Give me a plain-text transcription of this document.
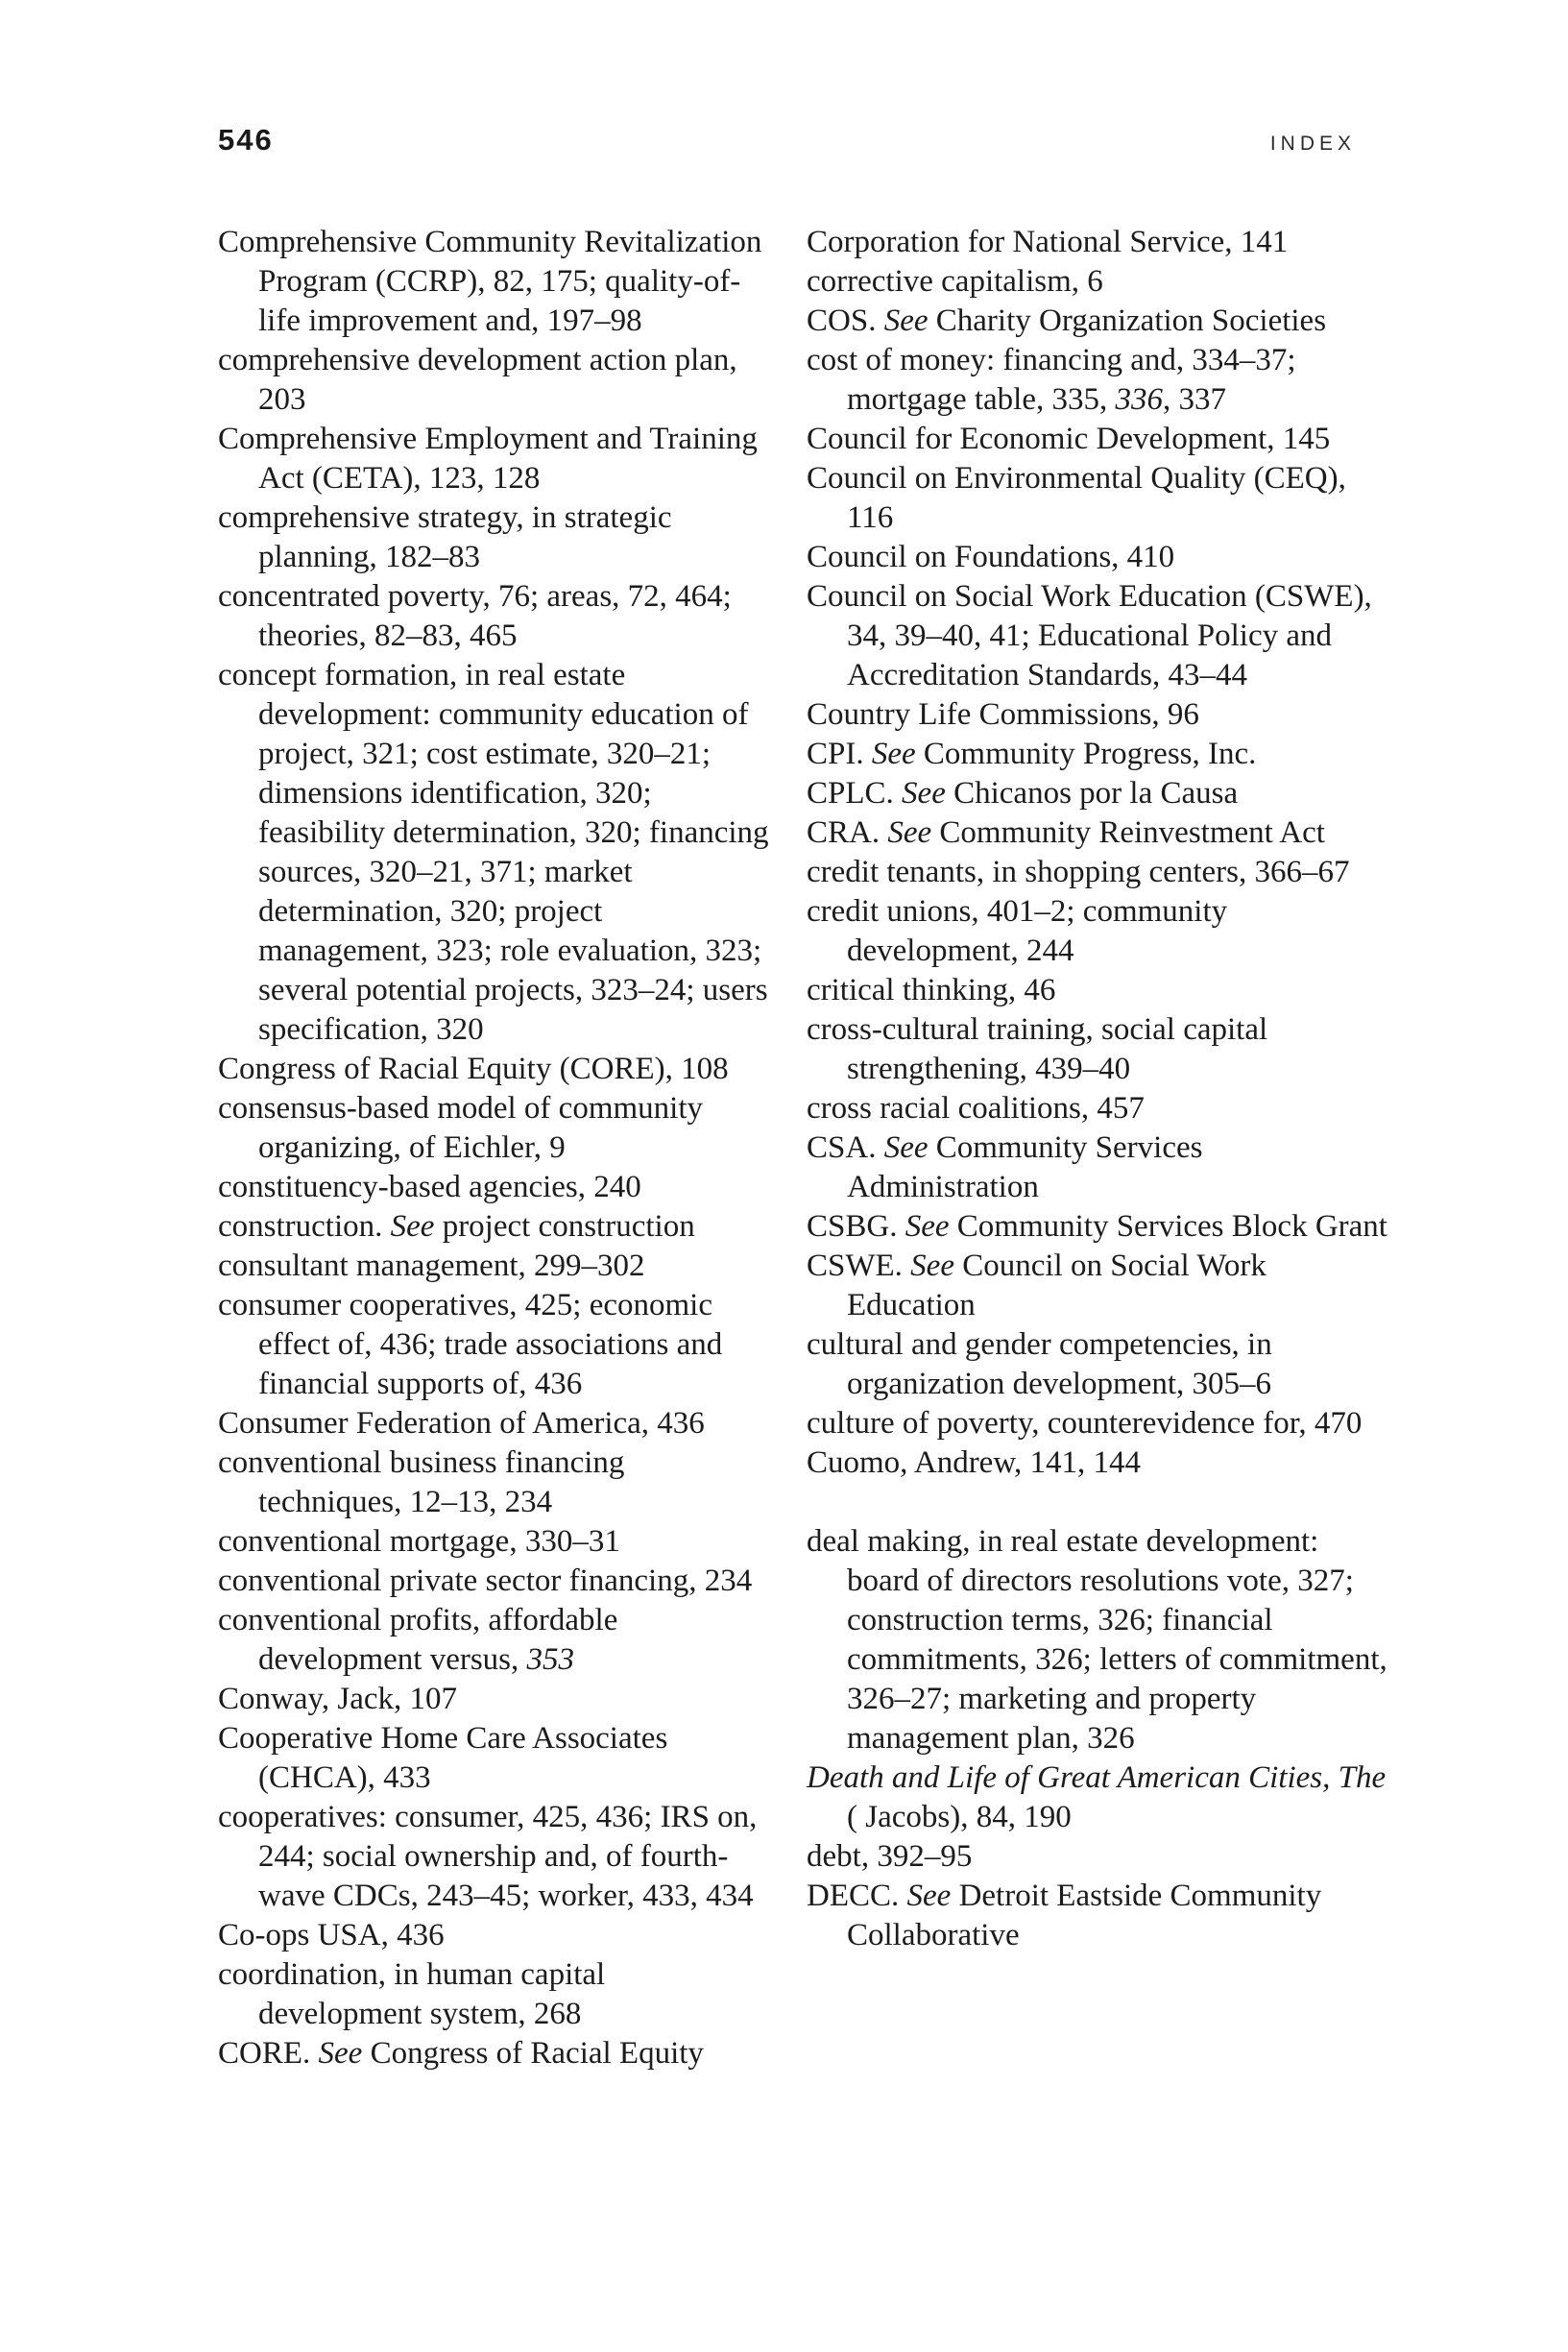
546	INDEX
Comprehensive Community Revitalization Program (CCRP), 82, 175; quality-of-life improvement and, 197–98
comprehensive development action plan, 203
Comprehensive Employment and Training Act (CETA), 123, 128
comprehensive strategy, in strategic planning, 182–83
concentrated poverty, 76; areas, 72, 464; theories, 82–83, 465
concept formation, in real estate development: community education of project, 321; cost estimate, 320–21; dimensions identification, 320; feasibility determination, 320; financing sources, 320–21, 371; market determination, 320; project management, 323; role evaluation, 323; several potential projects, 323–24; users specification, 320
Congress of Racial Equity (CORE), 108
consensus-based model of community organizing, of Eichler, 9
constituency-based agencies, 240
construction. See project construction
consultant management, 299–302
consumer cooperatives, 425; economic effect of, 436; trade associations and financial supports of, 436
Consumer Federation of America, 436
conventional business financing techniques, 12–13, 234
conventional mortgage, 330–31
conventional private sector financing, 234
conventional profits, affordable development versus, 353
Conway, Jack, 107
Cooperative Home Care Associates (CHCA), 433
cooperatives: consumer, 425, 436; IRS on, 244; social ownership and, of fourth-wave CDCs, 243–45; worker, 433, 434
Co-ops USA, 436
coordination, in human capital development system, 268
CORE. See Congress of Racial Equity
Corporation for National Service, 141
corrective capitalism, 6
COS. See Charity Organization Societies
cost of money: financing and, 334–37; mortgage table, 335, 336, 337
Council for Economic Development, 145
Council on Environmental Quality (CEQ), 116
Council on Foundations, 410
Council on Social Work Education (CSWE), 34, 39–40, 41; Educational Policy and Accreditation Standards, 43–44
Country Life Commissions, 96
CPI. See Community Progress, Inc.
CPLC. See Chicanos por la Causa
CRA. See Community Reinvestment Act
credit tenants, in shopping centers, 366–67
credit unions, 401–2; community development, 244
critical thinking, 46
cross-cultural training, social capital strengthening, 439–40
cross racial coalitions, 457
CSA. See Community Services Administration
CSBG. See Community Services Block Grant
CSWE. See Council on Social Work Education
cultural and gender competencies, in organization development, 305–6
culture of poverty, counterevidence for, 470
Cuomo, Andrew, 141, 144
deal making, in real estate development: board of directors resolutions vote, 327; construction terms, 326; financial commitments, 326; letters of commitment, 326–27; marketing and property management plan, 326
Death and Life of Great American Cities, The ( Jacobs), 84, 190
debt, 392–95
DECC. See Detroit Eastside Community Collaborative
